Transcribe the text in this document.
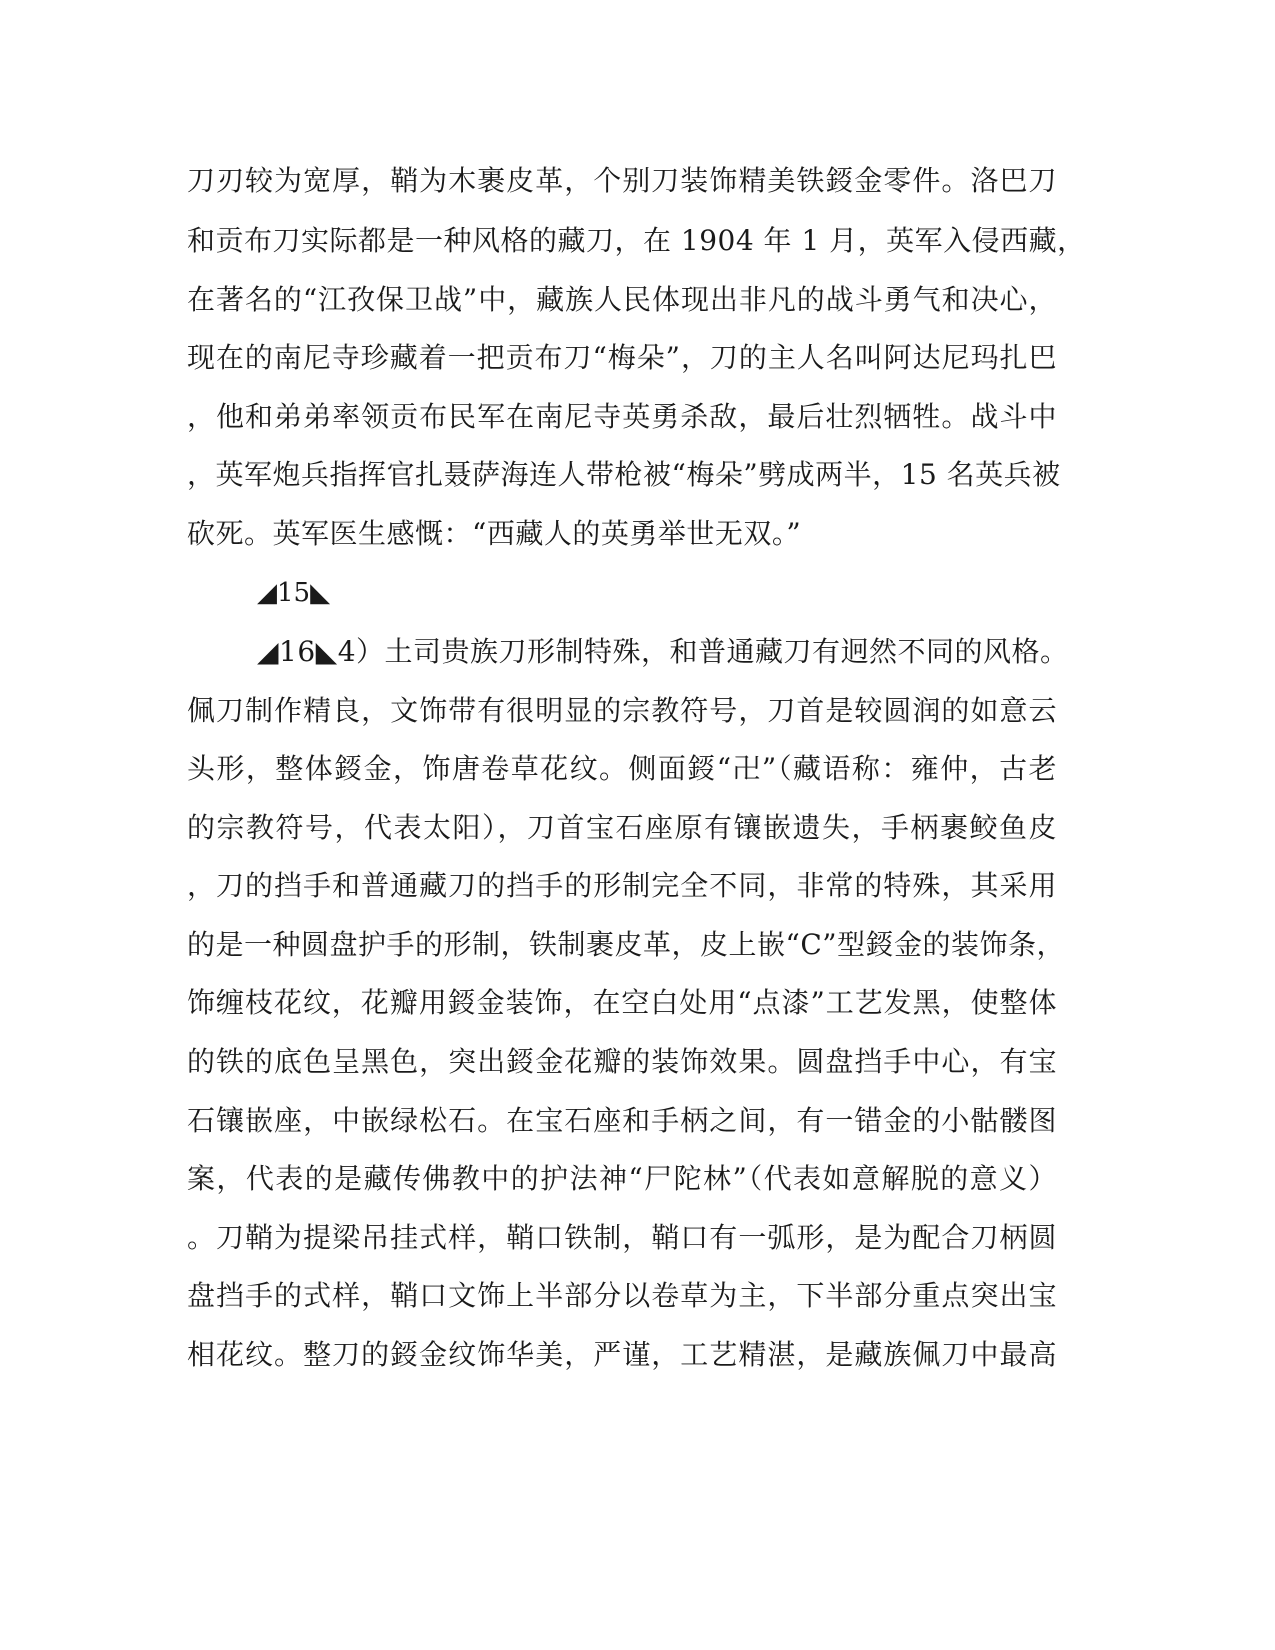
刀刃较为宽厚，鞘为木裹皮革，个别刀装饰精美铁鋄金零件。洛巴刀
和贡布刀实际都是一种风格的藏刀，在 1904 年 1 月，英军入侵西藏，
在著名的“江孜保卫战”中，藏族人民体现出非凡的战斗勇气和决心，
现在的南尼寺珍藏着一把贡布刀“梅朵”，刀的主人名叫阿达尼玛扎巴
，他和弟弟率领贡布民军在南尼寺英勇杀敌，最后壮烈牺牲。战斗中
，英军炮兵指挥官扎聂萨海连人带枪被“梅朵”劈成两半，15 名英兵被
砍死。英军医生感慨：“西藏人的英勇举世无双。”
◢15◣
◢16◣4）土司贵族刀形制特殊，和普通藏刀有迥然不同的风格。
佩刀制作精良，文饰带有很明显的宗教符号，刀首是较圆润的如意云
头形，整体鋄金，饰唐卷草花纹。侧面鋄“卍”（藏语称：雍仲，古老
的宗教符号，代表太阳），刀首宝石座原有镶嵌遗失，手柄裹鲛鱼皮
，刀的挡手和普通藏刀的挡手的形制完全不同，非常的特殊，其采用
的是一种圆盘护手的形制，铁制裹皮革，皮上嵌“C”型鋄金的装饰条，
饰缠枝花纹，花瓣用鋄金装饰，在空白处用“点漆”工艺发黑，使整体
的铁的底色呈黑色，突出鋄金花瓣的装饰效果。圆盘挡手中心，有宝
石镶嵌座，中嵌绿松石。在宝石座和手柄之间，有一错金的小骷髅图
案，代表的是藏传佛教中的护法神“尸陀林”（代表如意解脱的意义）
。刀鞘为提梁吊挂式样，鞘口铁制，鞘口有一弧形，是为配合刀柄圆
盘挡手的式样，鞘口文饰上半部分以卷草为主，下半部分重点突出宝
相花纹。整刀的鋄金纹饰华美，严谨，工艺精湛，是藏族佩刀中最高
